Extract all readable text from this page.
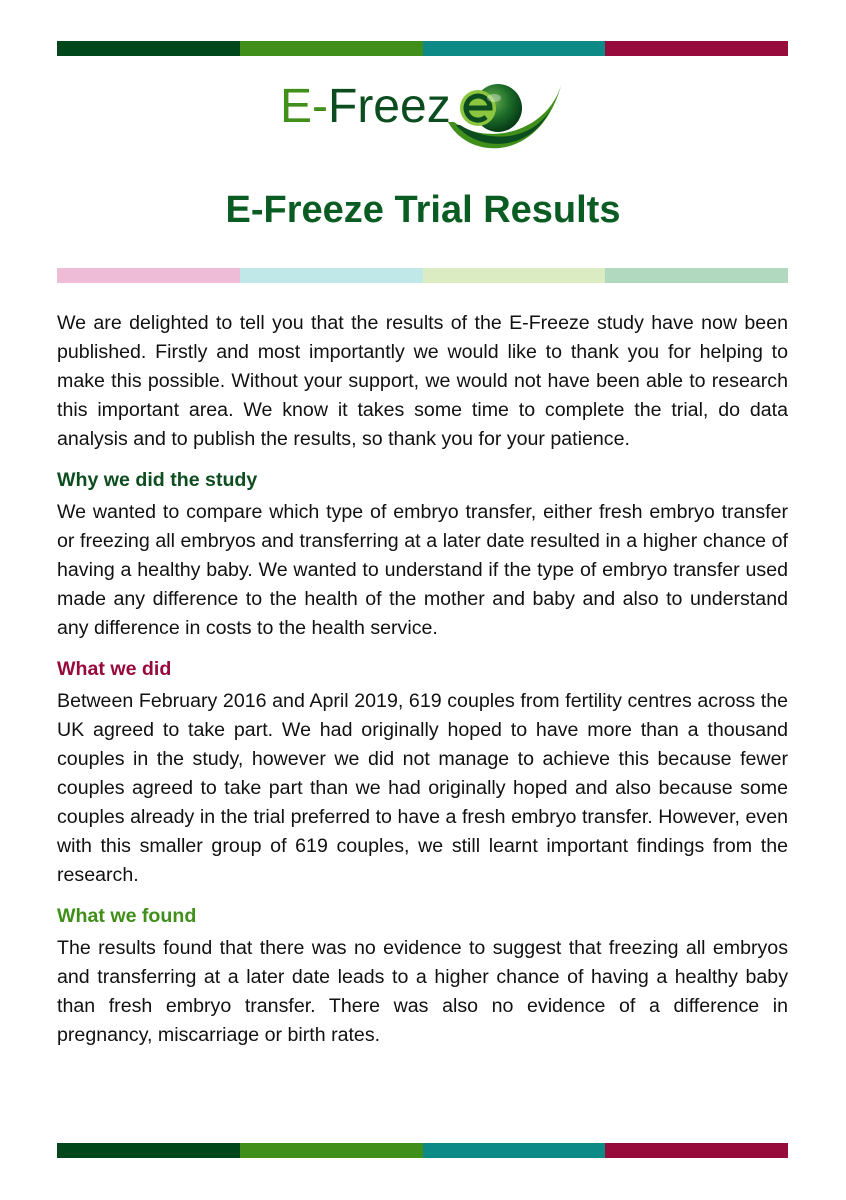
E- Freez
E-Freeze Trial Results

We are delighted to tell you that the results of the E-Freeze study have now been published. Firstly and most importantly we would like to thank you for helping to make this possible. Without your support, we would not have been able to research this important area. We know it takes some time to complete the trial, do data analysis and to publish the results, so thank you for your patience.

Why we did the study

We wanted to compare which type of embryo transfer, either fresh embryo transfer or freezing all embryos and transferring at a later date resulted in a higher chance of having a healthy baby. We wanted to understand if the type of embryo transfer used made any difference to the health of the mother and baby and also to understand any difference in costs to the health service.

What we did

Between February 2016 and April 2019, 619 couples from fertility centres across the UK agreed to take part. We had originally hoped to have more than a thousand couples in the study, however we did not manage to achieve this because fewer couples agreed to take part than we had originally hoped and also because some couples already in the trial preferred to have a fresh embryo transfer. However, even with this smaller group of 619 couples, we still learnt important findings from the research.

What we found

The results found that there was no evidence to suggest that freezing all embryos and transferring at a later date leads to a higher chance of having a healthy baby than fresh embryo transfer. There was also no evidence of a difference in pregnancy, miscarriage or birth rates.
